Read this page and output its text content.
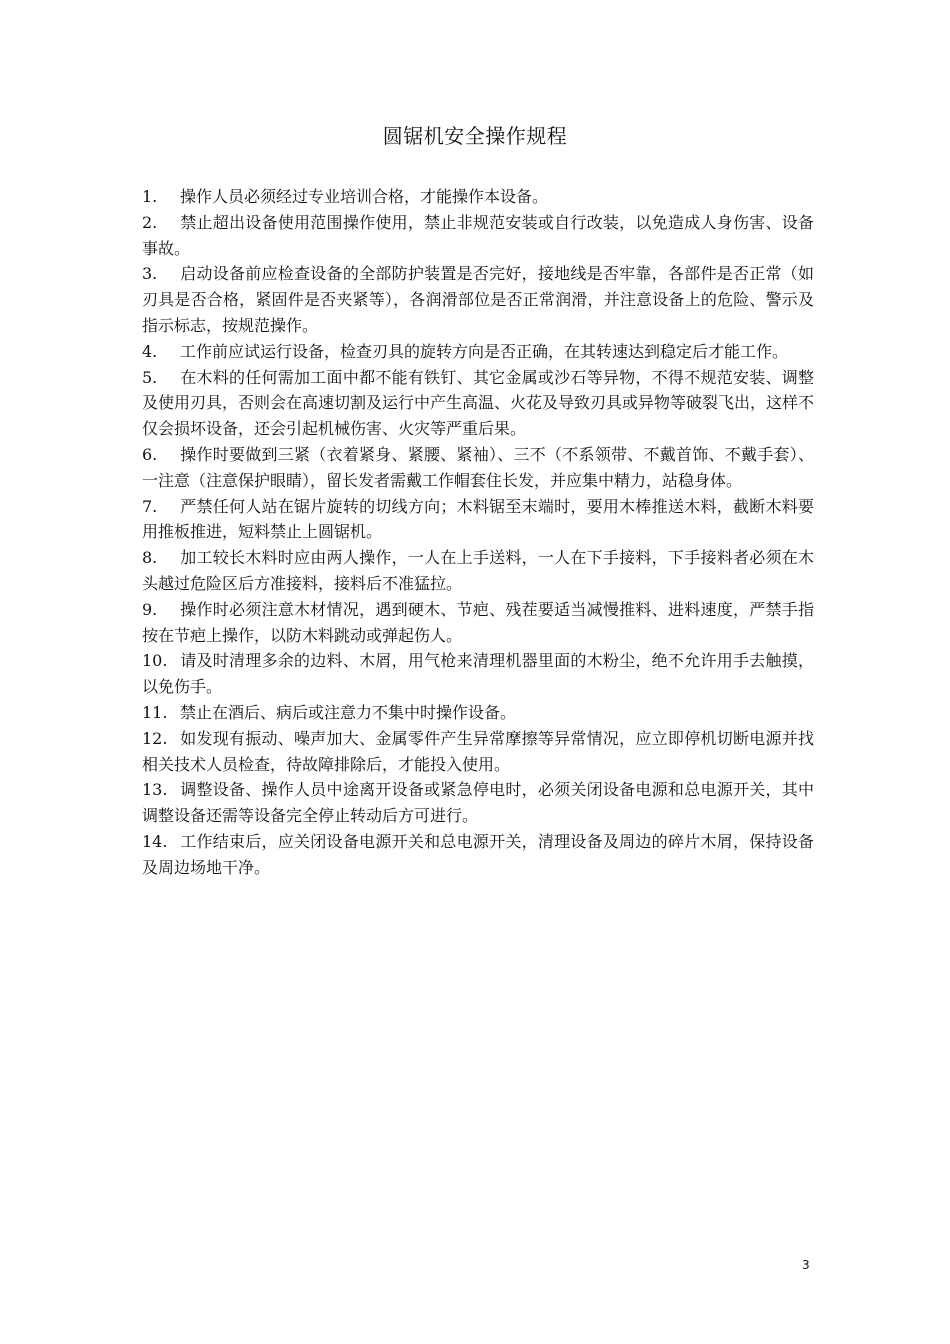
圆锯机安全操作规程
1. 操作人员必须经过专业培训合格，才能操作本设备。
2. 禁止超出设备使用范围操作使用，禁止非规范安装或自行改装，以免造成人身伤害、设备事故。
3. 启动设备前应检查设备的全部防护装置是否完好，接地线是否牢靠，各部件是否正常（如刃具是否合格，紧固件是否夹紧等），各润滑部位是否正常润滑，并注意设备上的危险、警示及指示标志，按规范操作。
4. 工作前应试运行设备，检查刃具的旋转方向是否正确，在其转速达到稳定后才能工作。
5. 在木料的任何需加工面中都不能有铁钉、其它金属或沙石等异物，不得不规范安装、调整及使用刃具，否则会在高速切割及运行中产生高温、火花及导致刃具或异物等破裂飞出，这样不仅会损坏设备，还会引起机械伤害、火灾等严重后果。
6. 操作时要做到三紧（衣着紧身、紧腰、紧袖）、三不（不系领带、不戴首饰、不戴手套）、一注意（注意保护眼睛），留长发者需戴工作帽套住长发，并应集中精力，站稳身体。
7. 严禁任何人站在锯片旋转的切线方向；木料锯至末端时，要用木棒推送木料，截断木料要用推板推进，短料禁止上圆锯机。
8. 加工较长木料时应由两人操作，一人在上手送料，一人在下手接料，下手接料者必须在木头越过危险区后方准接料，接料后不准猛拉。
9. 操作时必须注意木材情况，遇到硬木、节疤、残茬要适当减慢推料、进料速度，严禁手指按在节疤上操作，以防木料跳动或弹起伤人。
10. 请及时清理多余的边料、木屑，用气枪来清理机器里面的木粉尘，绝不允许用手去触摸，以免伤手。
11. 禁止在酒后、病后或注意力不集中时操作设备。
12. 如发现有振动、噪声加大、金属零件产生异常摩擦等异常情况，应立即停机切断电源并找相关技术人员检查，待故障排除后，才能投入使用。
13. 调整设备、操作人员中途离开设备或紧急停电时，必须关闭设备电源和总电源开关，其中调整设备还需等设备完全停止转动后方可进行。
14. 工作结束后，应关闭设备电源开关和总电源开关，清理设备及周边的碎片木屑，保持设备及周边场地干净。
3
